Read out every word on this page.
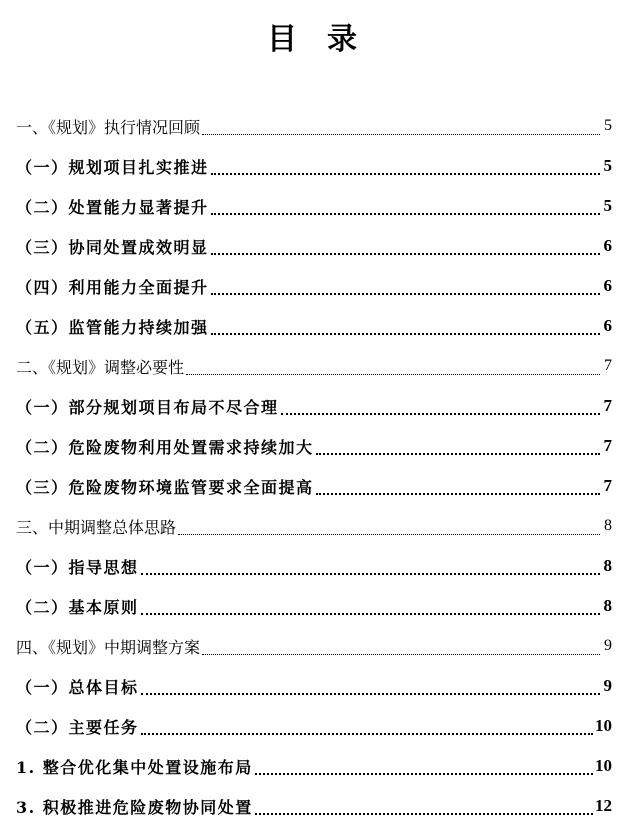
目录
一、《规划》执行情况回顾	5
（一）规划项目扎实推进	5
（二）处置能力显著提升	5
（三）协同处置成效明显	6
（四）利用能力全面提升	6
（五）监管能力持续加强	6
二、《规划》调整必要性	7
（一）部分规划项目布局不尽合理	7
（二）危险废物利用处置需求持续加大	7
（三）危险废物环境监管要求全面提高	7
三、中期调整总体思路	8
（一）指导思想	8
（二）基本原则	8
四、《规划》中期调整方案	9
（一）总体目标	9
（二）主要任务	10
1. 整合优化集中处置设施布局	10
3. 积极推进危险废物协同处置	12
